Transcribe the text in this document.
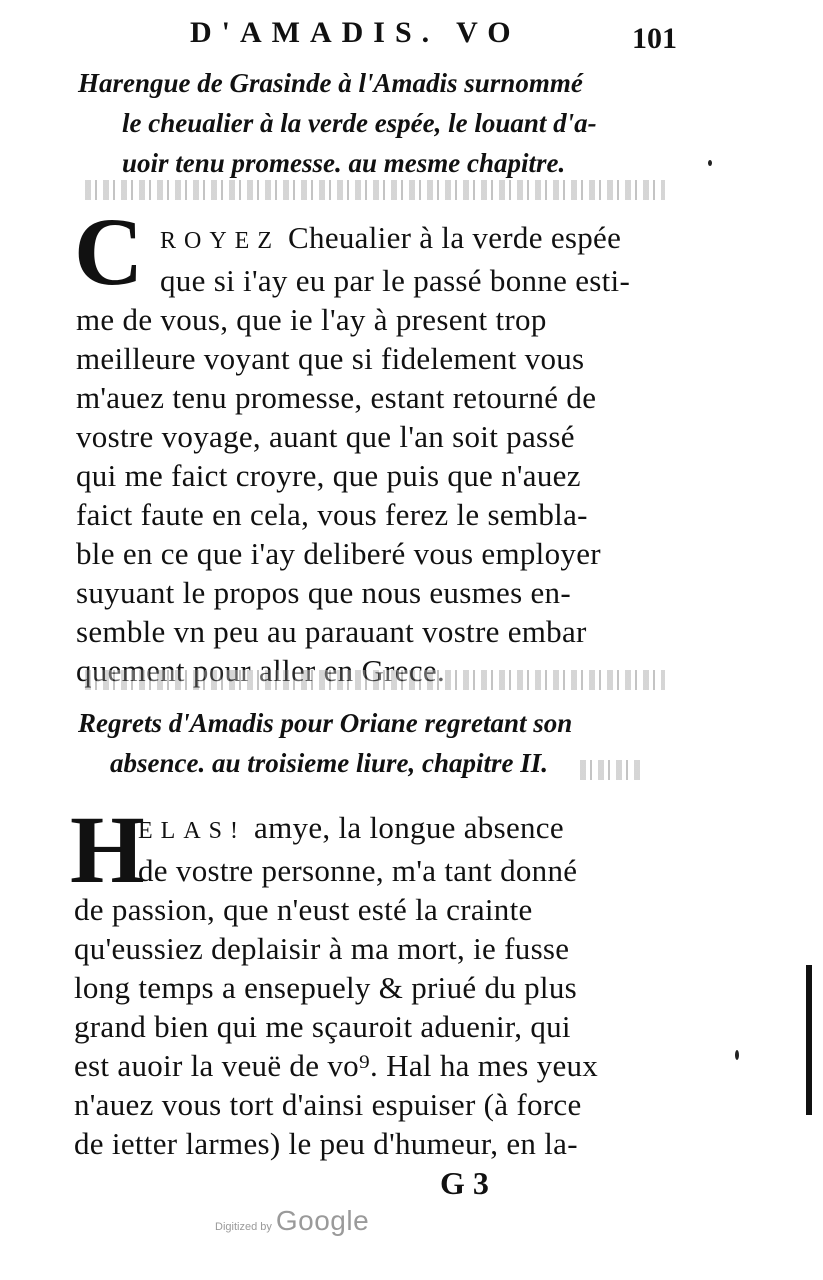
D'AMADIS. VO	101
Harengue de Grasinde à l'Amadis surnommé
le cheualier à la verde espée, le louant d'a-
uoir tenu promesse. au mesme chapitre.
C ROYEZ Cheualier à la verde espée
que si i'ay eu par le passé bonne esti-
me de vous, que ie l'ay à present trop
meilleure voyant que si fidelement vous
m'auez tenu promesse, estant retourné de
vostre voyage, auant que l'an soit passé
qui me faict croyre, que puis que n'auez
faict faute en cela, vous ferez le sembla-
ble en ce que i'ay deliberé vous employer
suyuant le propos que nous eusmes en-
semble vn peu au parauant vostre embar
quement pour aller en Grece.
Regrets d'Amadis pour Oriane regretant son
absence. au troisieme liure, chapitre II.
H
ELAS! amye, la longue absence
de vostre personne, m'a tant donné
de passion, que n'eust esté la crainte
qu'eussiez deplaisir à ma mort, ie fusse
long temps a ensepuely & priué du plus
grand bien qui me sçauroit aduenir, qui
est auoir la veuë de vo⁹. Hal ha mes yeux
n'auez vous tort d'ainsi espuiser (à force
de ietter larmes) le peu d'humeur, en la-
G 3
Digitized by Google
